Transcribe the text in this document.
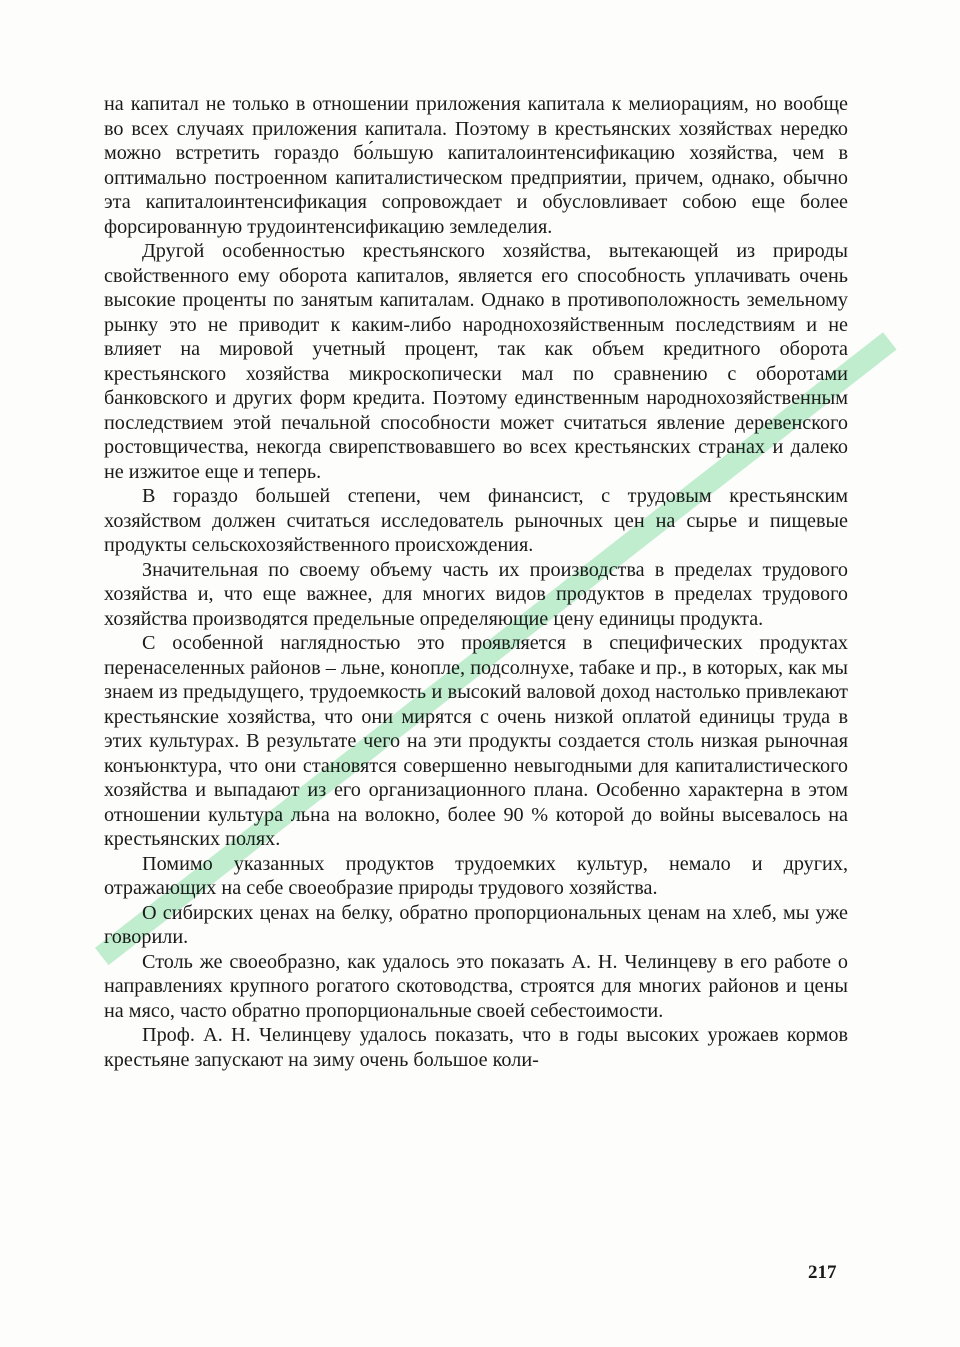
на капитал не только в отношении приложения капитала к мелиорациям, но вообще во всех случаях приложения капитала. Поэтому в крестьянских хозяйствах нередко можно встретить гораздо бо́льшую капиталоинтенсификацию хозяйства, чем в оптимально построенном капиталистическом предприятии, причем, однако, обычно эта капиталоинтенсификация сопровождает и обусловливает собою еще более форсированную трудоинтенсификацию земледелия.

Другой особенностью крестьянского хозяйства, вытекающей из природы свойственного ему оборота капиталов, является его способность уплачивать очень высокие проценты по занятым капиталам. Однако в противоположность земельному рынку это не приводит к каким-либо народнохозяйственным последствиям и не влияет на мировой учетный процент, так как объем кредитного оборота крестьянского хозяйства микроскопически мал по сравнению с оборотами банковского и других форм кредита. Поэтому единственным народнохозяйственным последствием этой печальной способности может считаться явление деревенского ростовщичества, некогда свирепствовавшего во всех крестьянских странах и далеко не изжитое еще и теперь.

В гораздо большей степени, чем финансист, с трудовым крестьянским хозяйством должен считаться исследователь рыночных цен на сырье и пищевые продукты сельскохозяйственного происхождения.

Значительная по своему объему часть их производства в пределах трудового хозяйства и, что еще важнее, для многих видов продуктов в пределах трудового хозяйства производятся предельные определяющие цену единицы продукта.

С особенной наглядностью это проявляется в специфических продуктах перенаселенных районов – льне, конопле, подсолнухе, табаке и пр., в которых, как мы знаем из предыдущего, трудоемкость и высокий валовой доход настолько привлекают крестьянские хозяйства, что они мирятся с очень низкой оплатой единицы труда в этих культурах. В результате чего на эти продукты создается столь низкая рыночная конъюнктура, что они становятся совершенно невыгодными для капиталистического хозяйства и выпадают из его организационного плана. Особенно характерна в этом отношении культура льна на волокно, более 90 % которой до войны высевалось на крестьянских полях.

Помимо указанных продуктов трудоемких культур, немало и других, отражающих на себе своеобразие природы трудового хозяйства.

О сибирских ценах на белку, обратно пропорциональных ценам на хлеб, мы уже говорили.

Столь же своеобразно, как удалось это показать А. Н. Челинцеву в его работе о направлениях крупного рогатого скотоводства, строятся для многих районов и цены на мясо, часто обратно пропорциональные своей себестоимости.

Проф. А. Н. Челинцеву удалось показать, что в годы высоких урожаев кормов крестьяне запускают на зиму очень большое коли-

217
